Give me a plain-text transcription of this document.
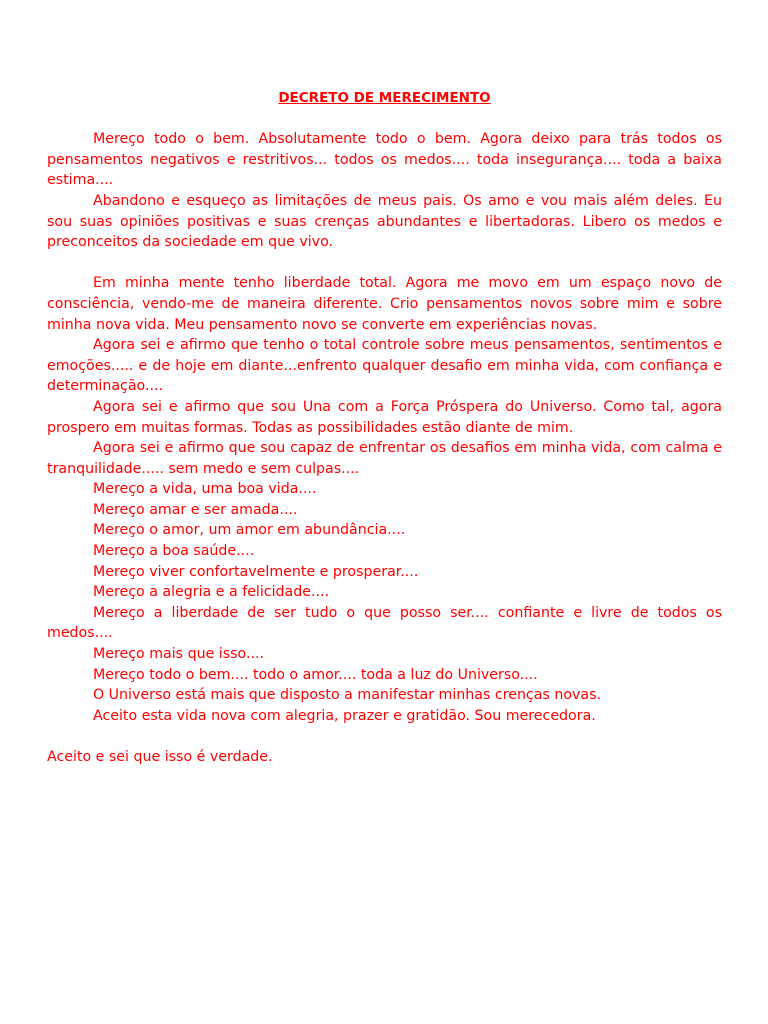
DECRETO DE MERECIMENTO

Mereço todo o bem. Absolutamente todo o bem. Agora deixo para trás todos os pensamentos negativos e restritivos... todos os medos.... toda insegurança.... toda a baixa estima....

Abandono e esqueço as limitações de meus pais. Os amo e vou mais além deles. Eu sou suas opiniões positivas e suas crenças abundantes e libertadoras. Libero os medos e preconceitos da sociedade em que vivo.

Em minha mente tenho liberdade total. Agora me movo em um espaço novo de consciência, vendo-me de maneira diferente. Crio pensamentos novos sobre mim e sobre minha nova vida. Meu pensamento novo se converte em experiências novas.

Agora sei e afirmo que tenho o total controle sobre meus pensamentos, sentimentos e emoções..... e de hoje em diante...enfrento qualquer desafio em minha vida, com confiança e determinação....

Agora sei e afirmo que sou Una com a Força Próspera do Universo. Como tal, agora prospero em muitas formas. Todas as possibilidades estão diante de mim.

Agora sei e afirmo que sou capaz de enfrentar os desafios em minha vida, com calma e tranquilidade..... sem medo e sem culpas....

Mereço a vida, uma boa vida....

Mereço amar e ser amada....

Mereço o amor, um amor em abundância....

Mereço a boa saúde....

Mereço viver confortavelmente e prosperar....

Mereço a alegria e a felicidade....

Mereço a liberdade de ser tudo o que posso ser.... confiante e livre de todos os medos....

Mereço mais que isso....

Mereço todo o bem.... todo o amor.... toda a luz do Universo....

O Universo está mais que disposto a manifestar minhas crenças novas.

Aceito esta vida nova com alegria, prazer e gratidão. Sou merecedora.

Aceito e sei que isso é verdade.
